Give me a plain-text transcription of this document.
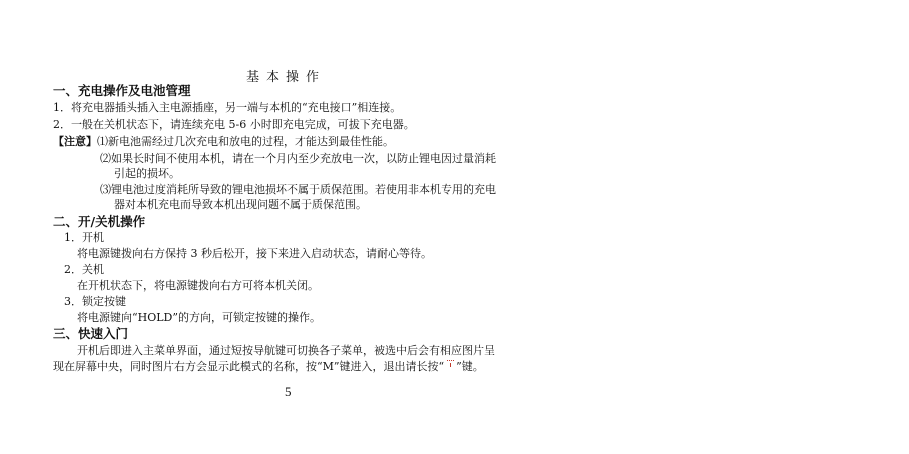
基本操作
一、充电操作及电池管理
1．将充电器插头插入主电源插座，另一端与本机的“充电接口”相连接。
2．一般在关机状态下，请连续充电 5-6 小时即充电完成，可拔下充电器。
【注意】⑴新电池需经过几次充电和放电的过程，才能达到最佳性能。
⑵如果长时间不使用本机，请在一个月内至少充放电一次，以防止锂电因过量消耗
引起的损坏。
⑶锂电池过度消耗所导致的锂电池损坏不属于质保范围。若使用非本机专用的充电
器对本机充电而导致本机出现问题不属于质保范围。
二、开/关机操作
1．开机
将电源键拨向右方保持 3 秒后松开，接下来进入启动状态，请耐心等待。
2．关机
在开机状态下，将电源键拨向右方可将本机关闭。
3．锁定按键
将电源键向“HOLD”的方向，可锁定按键的操作。
三、快速入门
开机后即进入主菜单界面，通过短按导航键可切换各子菜单，被选中后会有相应图片呈
现在屏幕中央，同时图片右方会显示此模式的名称，按“M”键进入，退出请长按“ ”键。
5
